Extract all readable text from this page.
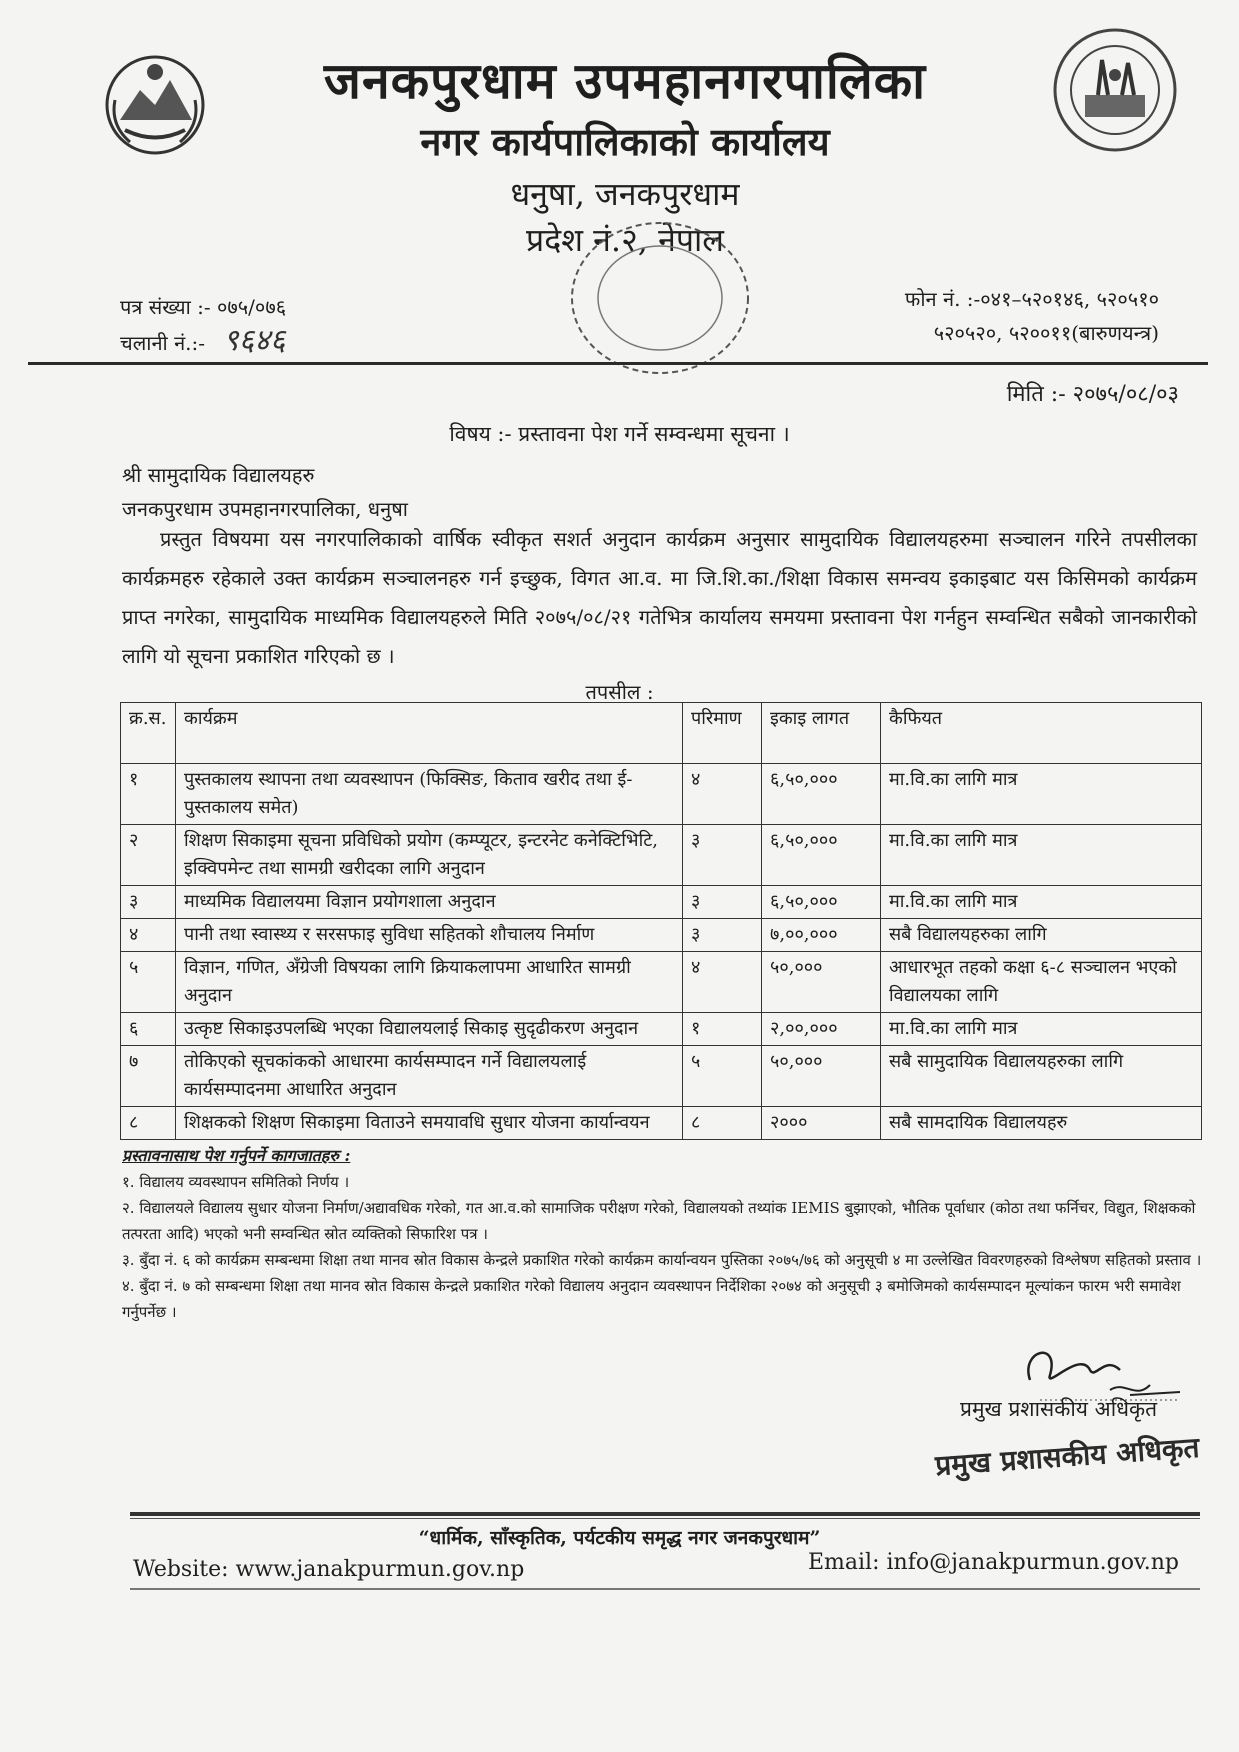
जनकपुरधाम उपमहानगरपालिका
नगर कार्यपालिकाको कार्यालय
धनुषा, जनकपुरधाम
प्रदेश नं.२, नेपाल
पत्र संख्या :- ०७५/०७६
चलानी नं.:- ९६४६
फोन नं. :-०४१–५२०१४६, ५२०५१०
५२०५२०, ५२००११(बारुणयन्त्र)
मिति :- २०७५/०८/०३
विषय :- प्रस्तावना पेश गर्ने सम्वन्धमा सूचना ।
श्री सामुदायिक विद्यालयहरु
जनकपुरधाम उपमहानगरपालिका, धनुषा
प्रस्तुत विषयमा यस नगरपालिकाको वार्षिक स्वीकृत सशर्त अनुदान कार्यक्रम अनुसार सामुदायिक विद्यालयहरुमा सञ्चालन गरिने तपसीलका कार्यक्रमहरु रहेकाले उक्त कार्यक्रम सञ्चालनहरु गर्न इच्छुक, विगत आ.व. मा जि.शि.का./शिक्षा विकास समन्वय इकाइबाट यस किसिमको कार्यक्रम प्राप्त नगरेका, सामुदायिक माध्यमिक विद्यालयहरुले मिति २०७५/०८/२१ गतेभित्र कार्यालय समयमा प्रस्तावना पेश गर्नहुन सम्वन्धित सबैको जानकारीको लागि यो सूचना प्रकाशित गरिएको छ ।
तपसील :
क्र.स.	कार्यक्रम	परिमाण	इकाइ लागत	कैफियत
१	पुस्तकालय स्थापना तथा व्यवस्थापन (फिक्सिङ, किताव खरीद तथा ई-पुस्तकालय समेत)	४	६,५०,०००	मा.वि.का लागि मात्र
२	शिक्षण सिकाइमा सूचना प्रविधिको प्रयोग (कम्प्यूटर, इन्टरनेट कनेक्टिभिटि, इक्विपमेन्ट तथा सामग्री खरीदका लागि अनुदान	३	६,५०,०००	मा.वि.का लागि मात्र
३	माध्यमिक विद्यालयमा विज्ञान प्रयोगशाला अनुदान	३	६,५०,०००	मा.वि.का लागि मात्र
४	पानी तथा स्वास्थ्य र सरसफाइ सुविधा सहितको शौचालय निर्माण	३	७,००,०००	सबै विद्यालयहरुका लागि
५	विज्ञान, गणित, अँग्रेजी विषयका लागि क्रियाकलापमा आधारित सामग्री अनुदान	४	५०,०००	आधारभूत तहको कक्षा ६-८ सञ्चालन भएको विद्यालयका लागि
६	उत्कृष्ट सिकाइउपलब्धि भएका विद्यालयलाई सिकाइ सुदृढीकरण अनुदान	१	२,००,०००	मा.वि.का लागि मात्र
७	तोकिएको सूचकांकको आधारमा कार्यसम्पादन गर्ने विद्यालयलाई कार्यसम्पादनमा आधारित अनुदान	५	५०,०००	सबै सामुदायिक विद्यालयहरुका लागि
८	शिक्षकको शिक्षण सिकाइमा विताउने समयावधि सुधार योजना कार्यान्वयन	८	२०००	सबै सामदायिक विद्यालयहरु

प्रस्तावनासाथ पेश गर्नुपर्ने कागजातहरु :

१. विद्यालय व्यवस्थापन समितिको निर्णय ।

२. विद्यालयले विद्यालय सुधार योजना निर्माण/अद्यावधिक गरेको, गत आ.व.को सामाजिक परीक्षण गरेको, विद्यालयको तथ्यांक IEMIS बुझाएको, भौतिक पूर्वाधार (कोठा तथा फर्निचर, विद्युत, शिक्षकको तत्परता आदि) भएको भनी सम्वन्धित स्रोत व्यक्तिको सिफारिश पत्र ।

३. बुँदा नं. ६ को कार्यक्रम सम्बन्धमा शिक्षा तथा मानव स्रोत विकास केन्द्रले प्रकाशित गरेको कार्यक्रम कार्यान्वयन पुस्तिका २०७५/७६ को अनुसूची ४ मा उल्लेखित विवरणहरुको विश्लेषण सहितको प्रस्ताव ।

४. बुँदा नं. ७ को सम्बन्धमा शिक्षा तथा मानव स्रोत विकास केन्द्रले प्रकाशित गरेको विद्यालय अनुदान व्यवस्थापन निर्देशिका २०७४ को अनुसूची ३ बमोजिमको कार्यसम्पादन मूल्यांकन फारम भरी समावेश गर्नुपर्नेछ ।

प्रमुख प्रशासकीय अधिकृत
प्रमुख प्रशासकीय अधिकृत
“धार्मिक, साँस्कृतिक, पर्यटकीय समृद्ध नगर जनकपुरधाम”
Website: www.janakpurmun.gov.np	Email: info@janakpurmun.gov.np
